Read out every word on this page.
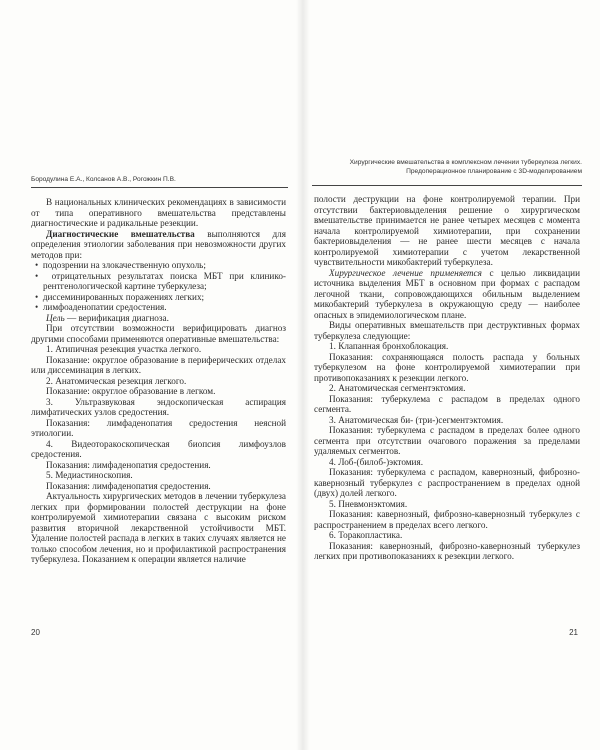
Бородулина Е.А., Колсанов А.В., Рогожкин П.В.

В национальных клинических рекомендациях в зависимости от типа оперативного вмешательства представлены диагностические и радикальные резекции.

Диагностические вмешательства выполняются для определения этиологии заболевания при невозможности других методов при:

•  подозрении на злокачественную опухоль;

•  отрицательных результатах поиска МБТ при клинико-рентгенологической картине туберкулеза;

•  диссеминированных поражениях легких;

•  лимфоаденопатии средостения.

Цель — верификация диагноза.

При отсутствии возможности верифицировать диагноз другими способами применяются оперативные вмешательства:

1. Атипичная резекция участка легкого.

Показание: округлое образование в периферических отделах или диссеминация в легких.

2. Анатомическая резекция легкого.

Показание: округлое образование в легком.

3. Ультразвуковая эндоскопическая аспирация лимфатических узлов средостения.

Показания: лимфаденопатия средостения неясной этиологии.

4. Видеоторакоскопическая биопсия лимфоузлов средостения.

Показания: лимфаденопатия средостения.

5. Медиастиноскопия.

Показания: лимфаденопатия средостения.

Актуальность хирургических методов в лечении туберкулеза легких при формировании полостей деструкции на фоне контролируемой химиотерапии связана с высоким риском развития вторичной лекарственной устойчивости МБТ. Удаление полостей распада в легких в таких случаях является не только способом лечения, но и профилактикой распространения туберкулеза. Показанием к операции является наличие

20
Хирургические вмешательства в комплексном лечении туберкулеза легких.
Предоперационное планирование с 3D-моделированием

полости деструкции на фоне контролируемой терапии. При отсутствии бактериовыделения решение о хирургическом вмешательстве принимается не ранее четырех месяцев с момента начала контролируемой химиотерапии, при сохранении бактериовыделения — не ранее шести месяцев с начала контролируемой химиотерапии с учетом лекарственной чувствительности микобактерий туберкулеза.

Хирургическое лечение применяется с целью ликвидации источника выделения МБТ в основном при формах с распадом легочной ткани, сопровождающихся обильным выделением микобактерий туберкулеза в окружающую среду — наиболее опасных в эпидемиологическом плане.

Виды оперативных вмешательств при деструктивных формах туберкулеза следующие:

1. Клапанная бронхоблокация.

Показания: сохраняющаяся полость распада у больных туберкулезом на фоне контролируемой химиотерапии при противопоказаниях к резекции легкого.

2. Анатомическая сегментэктомия.

Показания: туберкулема с распадом в пределах одного сегмента.

3. Анатомическая би- (три-)сегментэктомия.

Показания: туберкулема с распадом в пределах более одного сегмента при отсутствии очагового поражения за пределами удаляемых сегментов.

4. Лоб-(билоб-)эктомия.

Показания: туберкулема с распадом, кавернозный, фиброзно-кавернозный туберкулез с распространением в пределах одной (двух) долей легкого.

5. Пневмонэктомия.

Показания: кавернозный, фиброзно-кавернозный туберкулез с распространением в пределах всего легкого.

6. Торакопластика.

Показания: кавернозный, фиброзно-кавернозный туберкулез легких при противопоказаниях к резекции легкого.

21
